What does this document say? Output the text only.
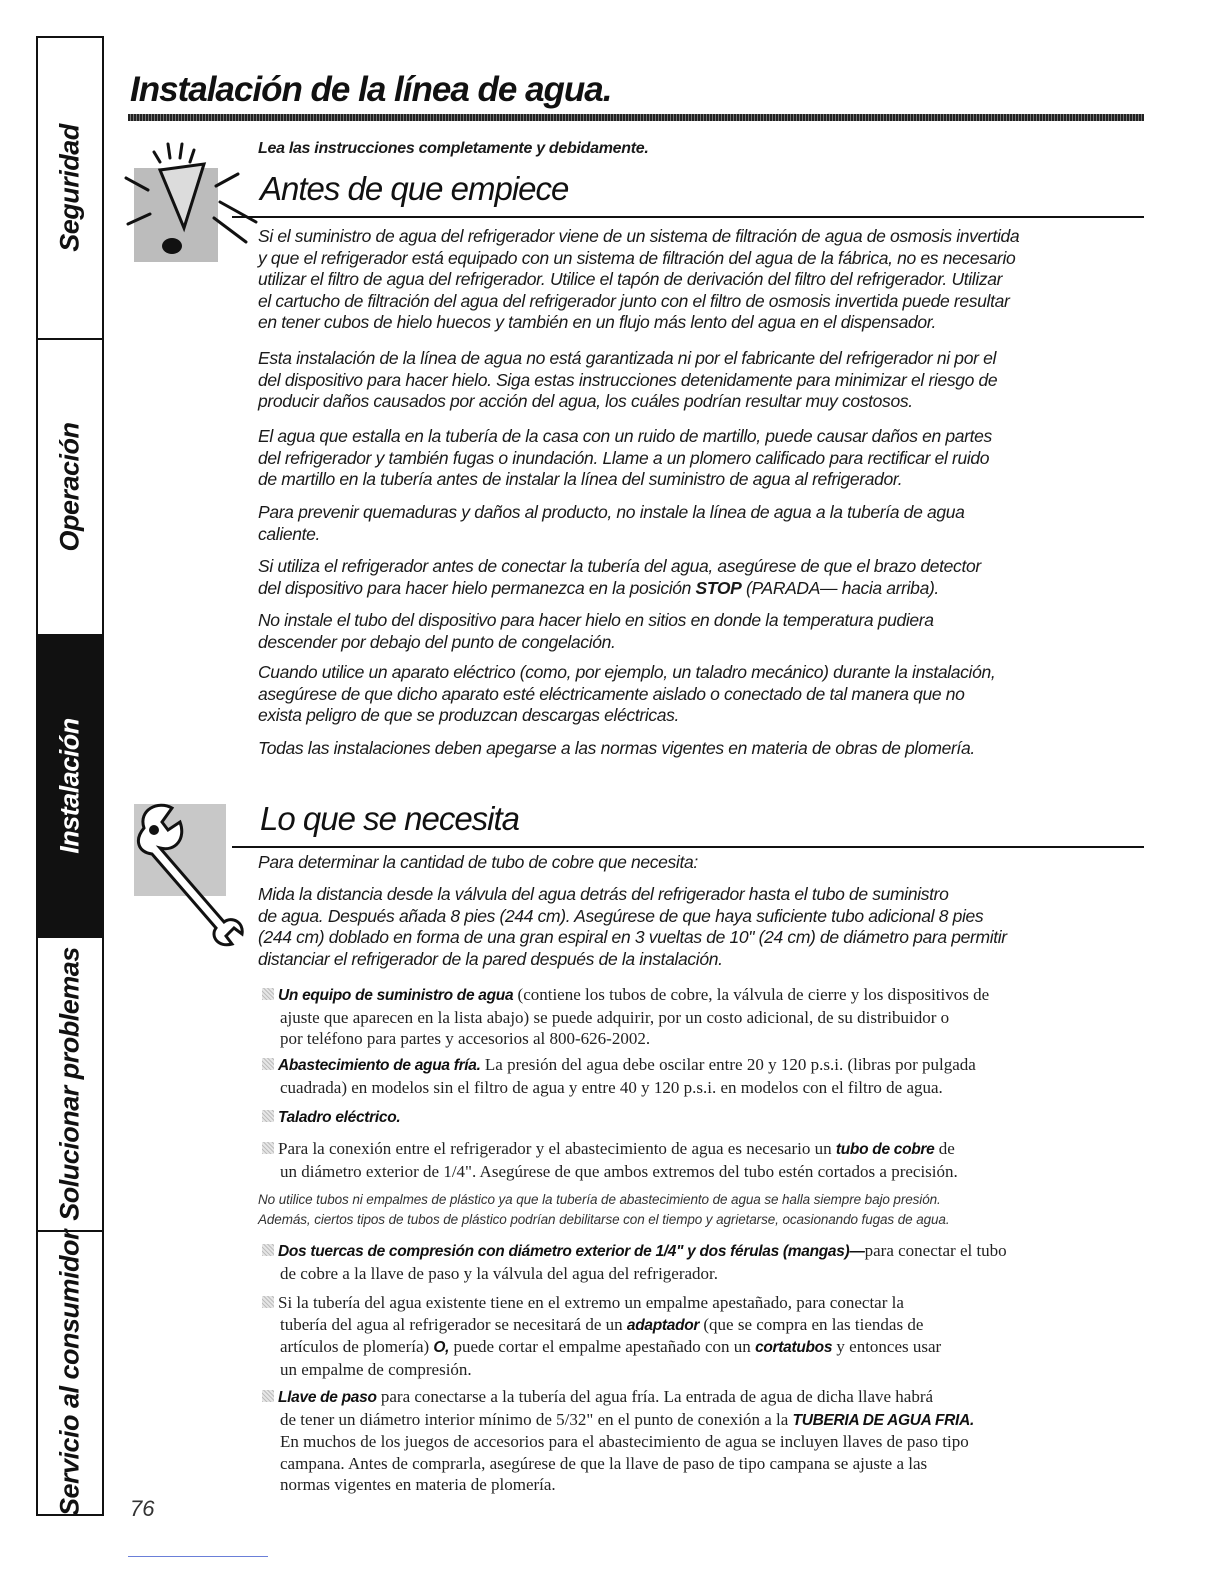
Seguridad
Operación
Instalación
Solucionar problemas
Servicio al consumidor
Instalación de la línea de agua.

Lea las instrucciones completamente y debidamente.

Antes de que empiece

Si el suministro de agua del refrigerador viene de un sistema de filtración de agua de osmosis invertida
y que el refrigerador está equipado con un sistema de filtración del agua de la fábrica, no es necesario
utilizar el filtro de agua del refrigerador. Utilice el tapón de derivación del filtro del refrigerador. Utilizar
el cartucho de filtración del agua del refrigerador junto con el filtro de osmosis invertida puede resultar
en tener cubos de hielo huecos y también en un flujo más lento del agua en el dispensador.

Esta instalación de la línea de agua no está garantizada ni por el fabricante del refrigerador ni por el
del dispositivo para hacer hielo. Siga estas instrucciones detenidamente para minimizar el riesgo de
producir daños causados por acción del agua, los cuáles podrían resultar muy costosos.

El agua que estalla en la tubería de la casa con un ruido de martillo, puede causar daños en partes
del refrigerador y también fugas o inundación. Llame a un plomero calificado para rectificar el ruido
de martillo en la tubería antes de instalar la línea del suministro de agua al refrigerador.

Para prevenir quemaduras y daños al producto, no instale la línea de agua a la tubería de agua
caliente.

Si utiliza el refrigerador antes de conectar la tubería del agua, asegúrese de que el brazo detector
del dispositivo para hacer hielo permanezca en la posición STOP (PARADA— hacia arriba).

No instale el tubo del dispositivo para hacer hielo en sitios en donde la temperatura pudiera
descender por debajo del punto de congelación.

Cuando utilice un aparato eléctrico (como, por ejemplo, un taladro mecánico) durante la instalación,
asegúrese de que dicho aparato esté eléctricamente aislado o conectado de tal manera que no
exista peligro de que se produzcan descargas eléctricas.

Todas las instalaciones deben apegarse a las normas vigentes en materia de obras de plomería.

Lo que se necesita

Para determinar la cantidad de tubo de cobre que necesita:

Mida la distancia desde la válvula del agua detrás del refrigerador hasta el tubo de suministro
de agua. Después añada 8 pies (244 cm). Asegúrese de que haya suficiente tubo adicional 8 pies
(244 cm) doblado en forma de una gran espiral en 3 vueltas de 10" (24 cm) de diámetro para permitir
distanciar el refrigerador de la pared después de la instalación.

Un equipo de suministro de agua (contiene los tubos de cobre, la válvula de cierre y los dispositivos de
ajuste que aparecen en la lista abajo) se puede adquirir, por un costo adicional, de su distribuidor o
por teléfono para partes y accesorios al 800-626-2002.

Abastecimiento de agua fría. La presión del agua debe oscilar entre 20 y 120 p.s.i. (libras por pulgada
cuadrada) en modelos sin el filtro de agua y entre 40 y 120 p.s.i. en modelos con el filtro de agua.

Taladro eléctrico.

Para la conexión entre el refrigerador y el abastecimiento de agua es necesario un tubo de cobre de
un diámetro exterior de 1/4". Asegúrese de que ambos extremos del tubo estén cortados a precisión.

No utilice tubos ni empalmes de plástico ya que la tubería de abastecimiento de agua se halla siempre bajo presión.
Además, ciertos tipos de tubos de plástico podrían debilitarse con el tiempo y agrietarse, ocasionando fugas de agua.

Dos tuercas de compresión con diámetro exterior de 1/4" y dos férulas (mangas)—para conectar el tubo
de cobre a la llave de paso y la válvula del agua del refrigerador.

Si la tubería del agua existente tiene en el extremo un empalme apestañado, para conectar la
tubería del agua al refrigerador se necesitará de un adaptador (que se compra en las tiendas de
artículos de plomería) O, puede cortar el empalme apestañado con un cortatubos y entonces usar
un empalme de compresión.

Llave de paso para conectarse a la tubería del agua fría. La entrada de agua de dicha llave habrá
de tener un diámetro interior mínimo de 5/32" en el punto de conexión a la TUBERIA DE AGUA FRIA.
En muchos de los juegos de accesorios para el abastecimiento de agua se incluyen llaves de paso tipo
campana. Antes de comprarla, asegúrese de que la llave de paso de tipo campana se ajuste a las
normas vigentes en materia de plomería.

76
